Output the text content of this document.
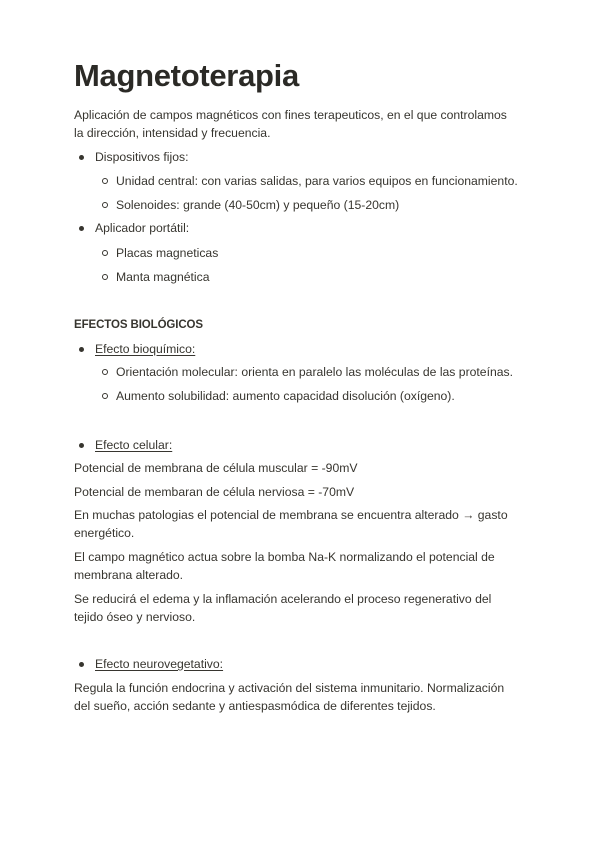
Magnetoterapia
Aplicación de campos magnéticos con fines terapeuticos, en el que controlamos
la dirección, intensidad y frecuencia.
Dispositivos fijos:
Unidad central: con varias salidas, para varios equipos en funcionamiento.
Solenoides: grande (40-50cm) y pequeño (15-20cm)
Aplicador portátil:
Placas magneticas
Manta magnética
EFECTOS BIOLÓGICOS
Efecto bioquímico:
Orientación molecular: orienta en paralelo las moléculas de las proteínas.
Aumento solubilidad: aumento capacidad disolución (oxígeno).
Efecto celular:
Potencial de membrana de célula muscular = -90mV
Potencial de membaran de célula nerviosa = -70mV
En muchas patologias el potencial de membrana se encuentra alterado → gasto
energético.
El campo magnético actua sobre la bomba Na-K normalizando el potencial de
membrana alterado.
Se reducirá el edema y la inflamación acelerando el proceso regenerativo del
tejido óseo y nervioso.
Efecto neurovegetativo:
Regula la función endocrina y activación del sistema inmunitario. Normalización
del sueño, acción sedante y antiespasmódica de diferentes tejidos.
